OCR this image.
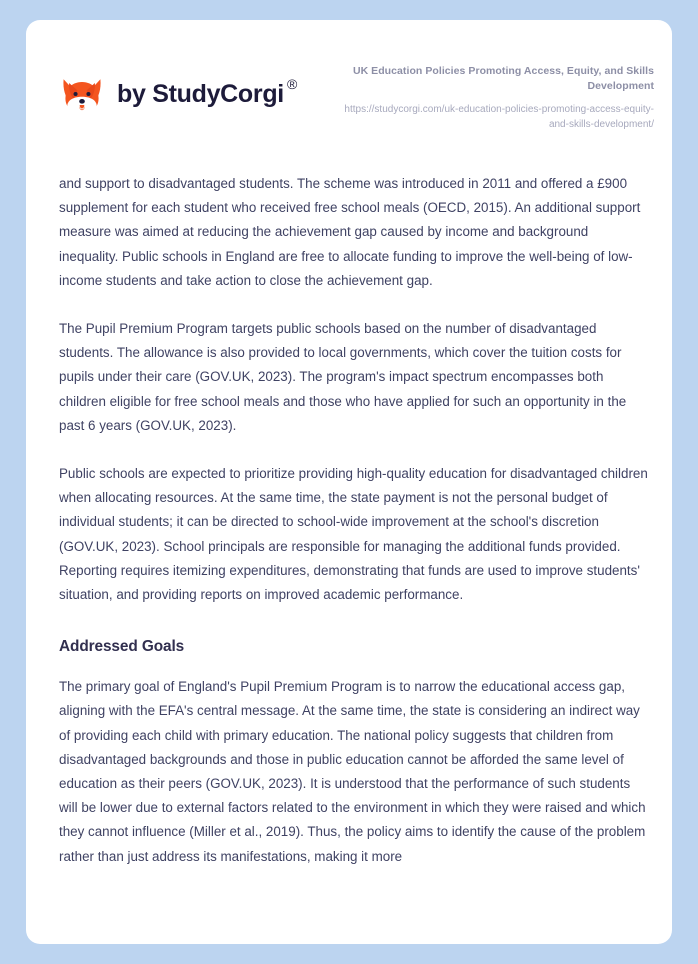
by StudyCorgi ®

UK Education Policies Promoting Access, Equity, and Skills Development

https://studycorgi.com/uk-education-policies-promoting-access-equity-and-skills-development/

and support to disadvantaged students. The scheme was introduced in 2011 and offered a £900 supplement for each student who received free school meals (OECD, 2015). An additional support measure was aimed at reducing the achievement gap caused by income and background inequality. Public schools in England are free to allocate funding to improve the well-being of low-income students and take action to close the achievement gap.

The Pupil Premium Program targets public schools based on the number of disadvantaged students. The allowance is also provided to local governments, which cover the tuition costs for pupils under their care (GOV.UK, 2023). The program's impact spectrum encompasses both children eligible for free school meals and those who have applied for such an opportunity in the past 6 years (GOV.UK, 2023).

Public schools are expected to prioritize providing high-quality education for disadvantaged children when allocating resources. At the same time, the state payment is not the personal budget of individual students; it can be directed to school-wide improvement at the school's discretion (GOV.UK, 2023). School principals are responsible for managing the additional funds provided. Reporting requires itemizing expenditures, demonstrating that funds are used to improve students' situation, and providing reports on improved academic performance.

Addressed Goals

The primary goal of England's Pupil Premium Program is to narrow the educational access gap, aligning with the EFA's central message. At the same time, the state is considering an indirect way of providing each child with primary education. The national policy suggests that children from disadvantaged backgrounds and those in public education cannot be afforded the same level of education as their peers (GOV.UK, 2023). It is understood that the performance of such students will be lower due to external factors related to the environment in which they were raised and which they cannot influence (Miller et al., 2019). Thus, the policy aims to identify the cause of the problem rather than just address its manifestations, making it more
